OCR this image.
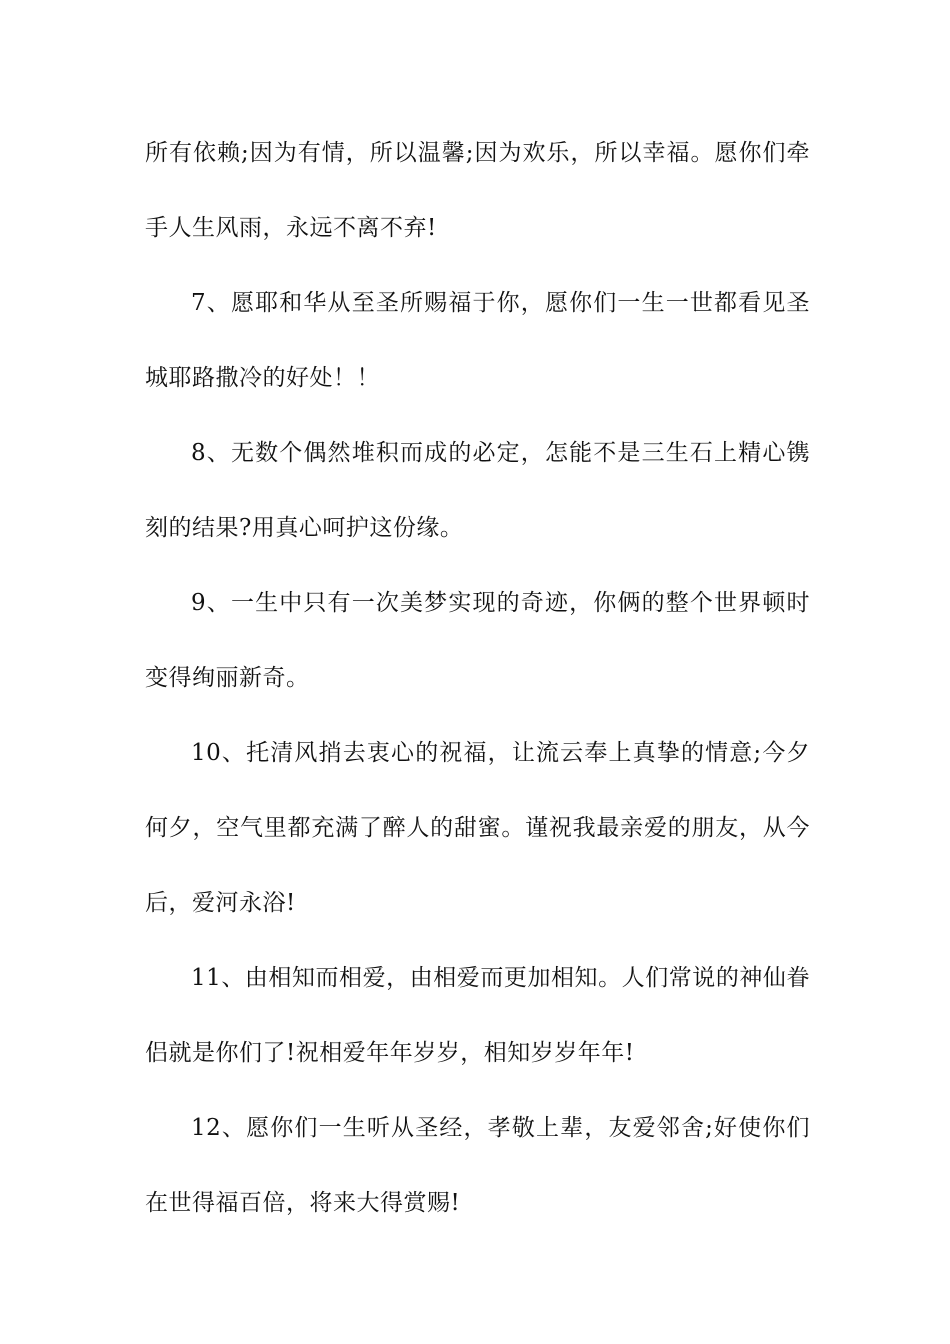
所有依赖;因为有情，所以温馨;因为欢乐，所以幸福。愿你们牵手人生风雨，永远不离不弃!

7、愿耶和华从至圣所赐福于你，愿你们一生一世都看见圣城耶路撒冷的好处！！

8、无数个偶然堆积而成的必定，怎能不是三生石上精心镌刻的结果?用真心呵护这份缘。

9、一生中只有一次美梦实现的奇迹，你俩的整个世界顿时变得绚丽新奇。

10、托清风捎去衷心的祝福，让流云奉上真挚的情意;今夕何夕，空气里都充满了醉人的甜蜜。谨祝我最亲爱的朋友，从今后，爱河永浴!

11、由相知而相爱，由相爱而更加相知。人们常说的神仙眷侣就是你们了!祝相爱年年岁岁，相知岁岁年年!

12、愿你们一生听从圣经，孝敬上辈，友爱邻舍;好使你们在世得福百倍，将来大得赏赐!
